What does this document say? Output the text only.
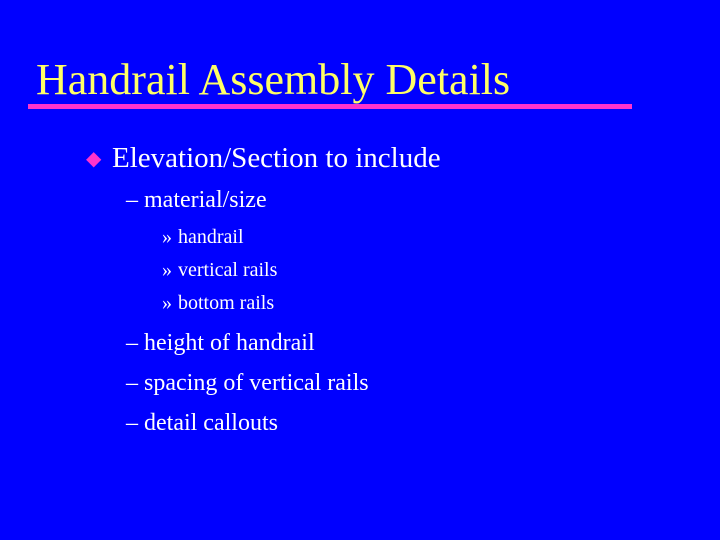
Handrail Assembly Details
◆ Elevation/Section to include
– material/size
» handrail
» vertical rails
» bottom rails
– height of handrail
– spacing of vertical rails
– detail callouts
